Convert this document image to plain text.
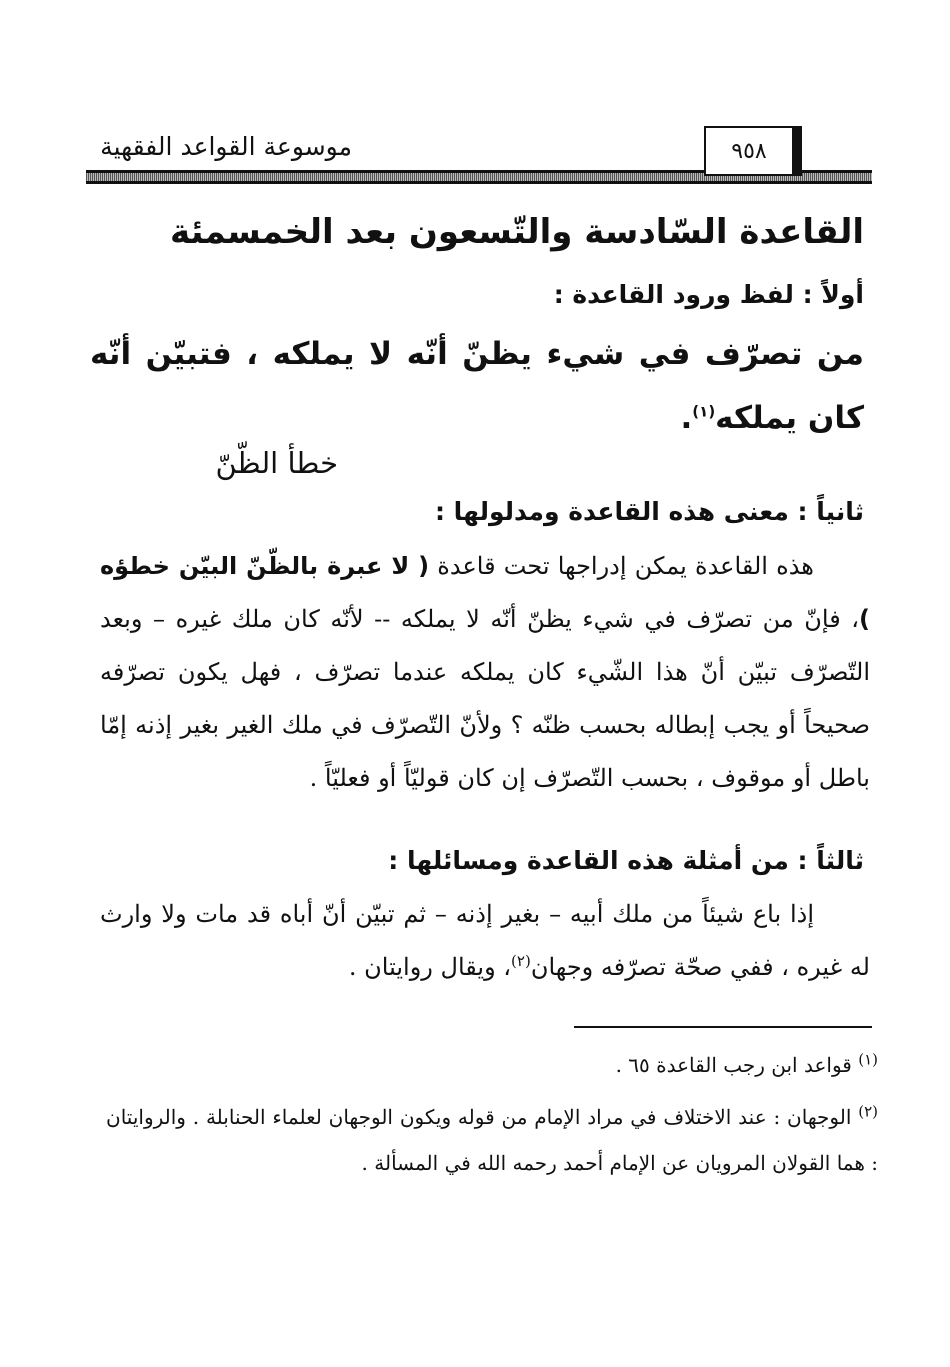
موسوعة القواعد الفقهية	٩٥٨
القاعدة السّادسة والتّسعون بعد الخمسمئة
أولاً : لفظ ورود القاعدة :
من تصرّف في شيء يظنّ أنّه لا يملكه ، فتبيّن أنّه كان يملكه$^{(١)}$.
خطأ الظّنّ
ثانياً : معنى هذه القاعدة ومدلولها :
هذه القاعدة يمكن إدراجها تحت قاعدة ( لا عبرة بالظّنّ البيّن خطؤه )، فإنّ من تصرّف في شيء يظنّ أنّه لا يملكه -- لأنّه كان ملك غيره – وبعد التّصرّف تبيّن أنّ هذا الشّيء كان يملكه عندما تصرّف ، فهل يكون تصرّفه صحيحاً أو يجب إبطاله بحسب ظنّه ؟ ولأنّ التّصرّف في ملك الغير بغير إذنه إمّا باطل أو موقوف ، بحسب التّصرّف إن كان قوليّاً أو فعليّاً .
ثالثاً : من أمثلة هذه القاعدة ومسائلها :
إذا باع شيئاً من ملك أبيه – بغير إذنه – ثم تبيّن أنّ أباه قد مات ولا وارث له غيره ، ففي صحّة تصرّفه وجهان$^{(٢)}$، ويقال روايتان .
$^{(١)}$ قواعد ابن رجب القاعدة ٦٥ .
$^{(٢)}$ الوجهان : عند الاختلاف في مراد الإمام من قوله ويكون الوجهان لعلماء الحنابلة . والروايتان : هما القولان المرويان عن الإمام أحمد رحمه الله في المسألة .
